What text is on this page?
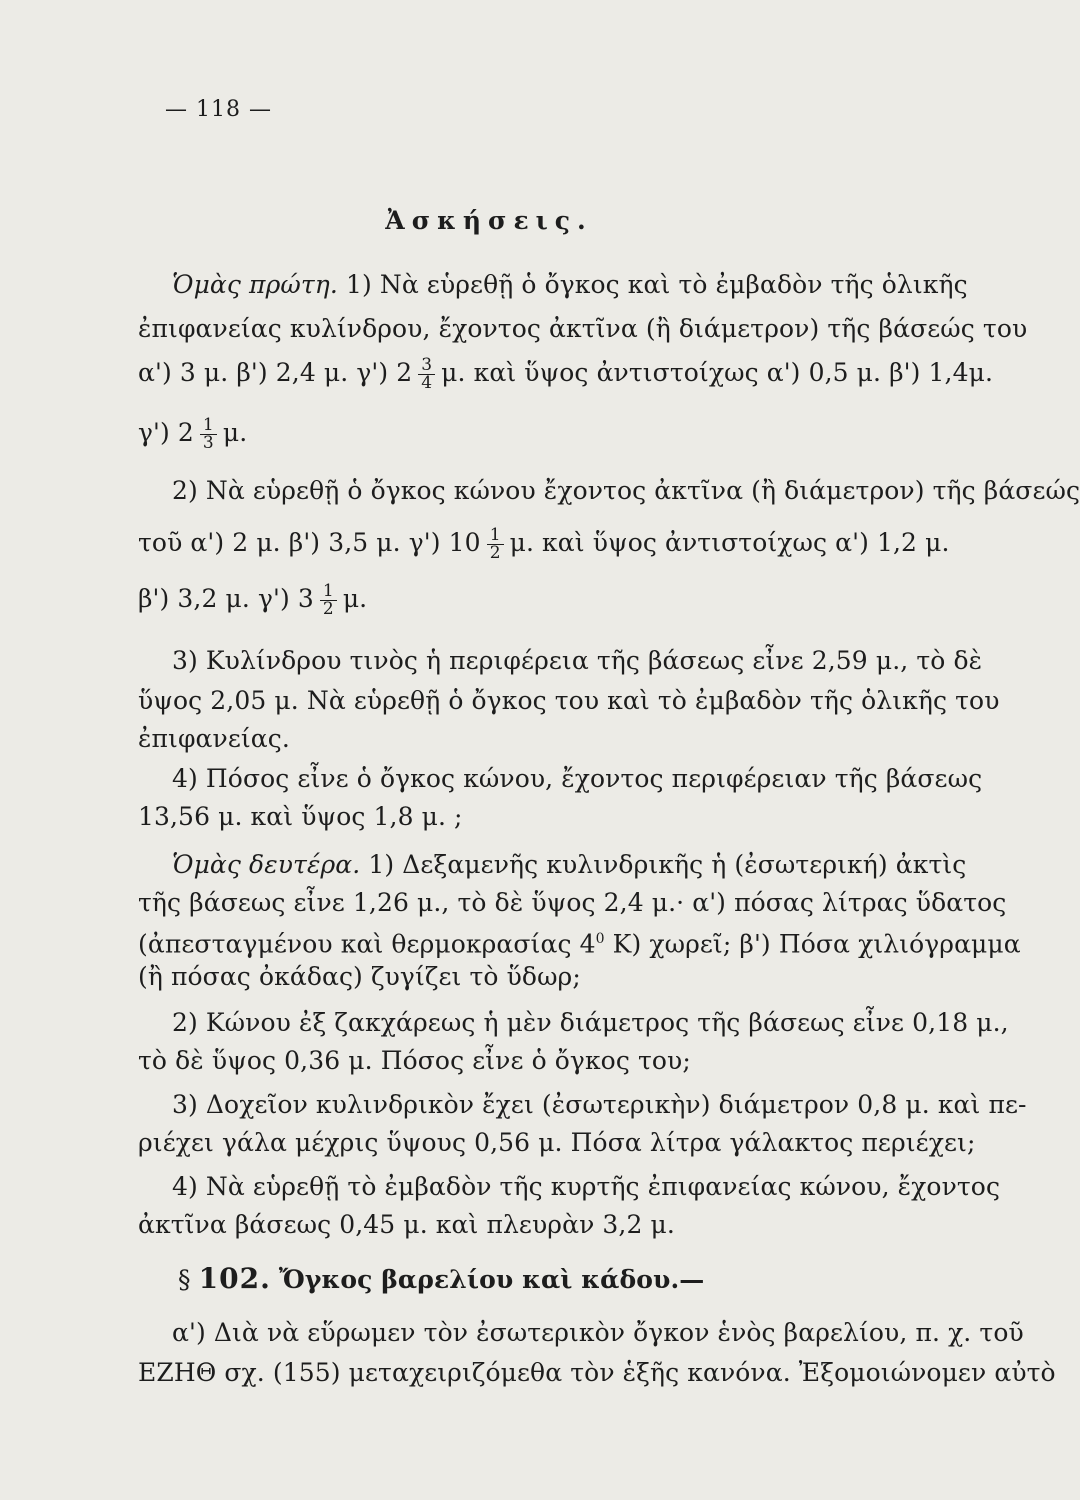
— 118 —
Ἀσκήσεις.
Ὁμὰς πρώτη. 1) Νὰ εὑρεθῇ ὁ ὄγκος καὶ τὸ ἐμβαδὸν τῆς ὁλικῆς
ἐπιφανείας κυλίνδρου, ἔχοντος ἀκτῖνα (ἢ διάμετρον) τῆς βάσεώς του
α') 3 μ. β') 2,4 μ. γ') $2 \frac{3}{4} \mu$. καὶ ὕψος ἀντιστοίχως α') 0,5 μ. β') 1,4μ.
γ') $2 \frac{1}{3} \mu$.
2) Νὰ εὑρεθῇ ὁ ὄγκος κώνου ἔχοντος ἀκτῖνα (ἢ διάμετρον) τῆς βάσεώς
τοῦ α') 2 μ. β') 3,5 μ. γ') $10 \frac{1}{2} \mu$. καὶ ὕψος ἀντιστοίχως α') 1,2 μ.
β') 3,2 μ. γ') $3 \frac{1}{2} \mu$.
3) Κυλίνδρου τινὸς ἡ περιφέρεια τῆς βάσεως εἶνε 2,59 μ., τὸ δὲ
ὕψος 2,05 μ. Νὰ εὑρεθῇ ὁ ὄγκος του καὶ τὸ ἐμβαδὸν τῆς ὁλικῆς του
ἐπιφανείας.
4) Πόσος εἶνε ὁ ὄγκος κώνου, ἔχοντος περιφέρειαν τῆς βάσεως
13,56 μ. καὶ ὕψος 1,8 μ. ;
Ὁμὰς δευτέρα. 1) Δεξαμενῆς κυλινδρικῆς ἡ (ἐσωτερική) ἀκτὶς
τῆς βάσεως εἶνε 1,26 μ., τὸ δὲ ὕψος 2,4 μ.· α') πόσας λίτρας ὕδατος
(ἀπεσταγμένου καὶ θερμοκρασίας $4^0$ Κ) χωρεῖ; β') Πόσα χιλιόγραμμα
(ἢ πόσας ὀκάδας) ζυγίζει τὸ ὕδωρ;
2) Κώνου ἐξ ζακχάρεως ἡ μὲν διάμετρος τῆς βάσεως εἶνε 0,18 μ.,
τὸ δὲ ὕψος 0,36 μ. Πόσος εἶνε ὁ ὄγκος του;
3) Δοχεῖον κυλινδρικὸν ἔχει (ἐσωτερικὴν) διάμετρον 0,8 μ. καὶ πε-
ριέχει γάλα μέχρις ὕψους 0,56 μ. Πόσα λίτρα γάλακτος περιέχει;
4) Νὰ εὑρεθῇ τὸ ἐμβαδὸν τῆς κυρτῆς ἐπιφανείας κώνου, ἔχοντος
ἀκτῖνα βάσεως 0,45 μ. καὶ πλευρὰν 3,2 μ.
§ 102. Ὄγκος βαρελίου καὶ κάδου.—
α') Διὰ νὰ εὕρωμεν τὸν ἐσωτερικὸν ὄγκον ἑνὸς βαρελίου, π. χ. τοῦ
ΕΖΗΘ σχ. (155) μεταχειριζόμεθα τὸν ἑξῆς κανόνα. Ἐξομοιώνομεν αὐτὸ
